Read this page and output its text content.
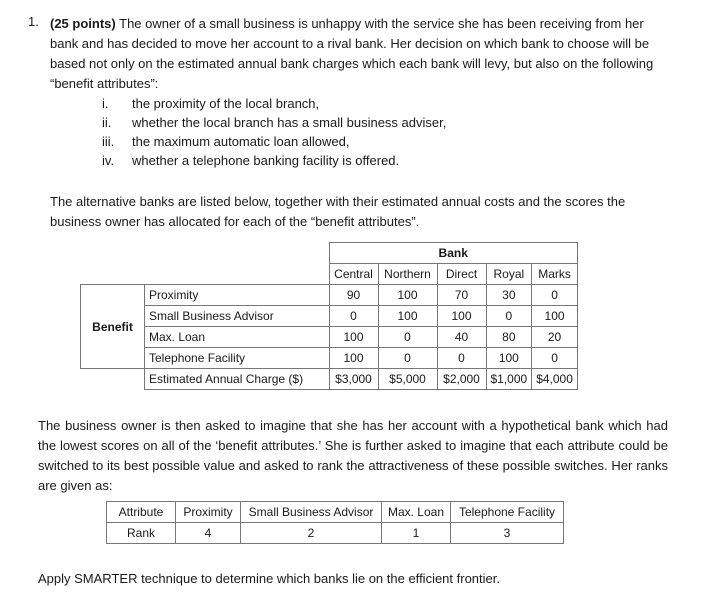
1. (25 points) The owner of a small business is unhappy with the service she has been receiving from her bank and has decided to move her account to a rival bank. Her decision on which bank to choose will be based not only on the estimated annual bank charges which each bank will levy, but also on the following “benefit attributes”:
i. the proximity of the local branch,
ii. whether the local branch has a small business adviser,
iii. the maximum automatic loan allowed,
iv. whether a telephone banking facility is offered.
The alternative banks are listed below, together with their estimated annual costs and the scores the business owner has allocated for each of the “benefit attributes”.
		Bank				
		Central	Northern	Direct	Royal	Marks
Benefit	Proximity	90	100	70	30	0
	Small Business Advisor	0	100	100	0	100
	Max. Loan	100	0	40	80	20
	Telephone Facility	100	0	0	100	0
	Estimated Annual Charge ($)	$3,000	$5,000	$2,000	$1,000	$4,000
The business owner is then asked to imagine that she has her account with a hypothetical bank which had the lowest scores on all of the ‘benefit attributes.’ She is further asked to imagine that each attribute could be switched to its best possible value and asked to rank the attractiveness of these possible switches. Her ranks are given as:
Attribute	Proximity	Small Business Advisor	Max. Loan	Telephone Facility
Rank	4	2	1	3
Apply SMARTER technique to determine which banks lie on the efficient frontier.
